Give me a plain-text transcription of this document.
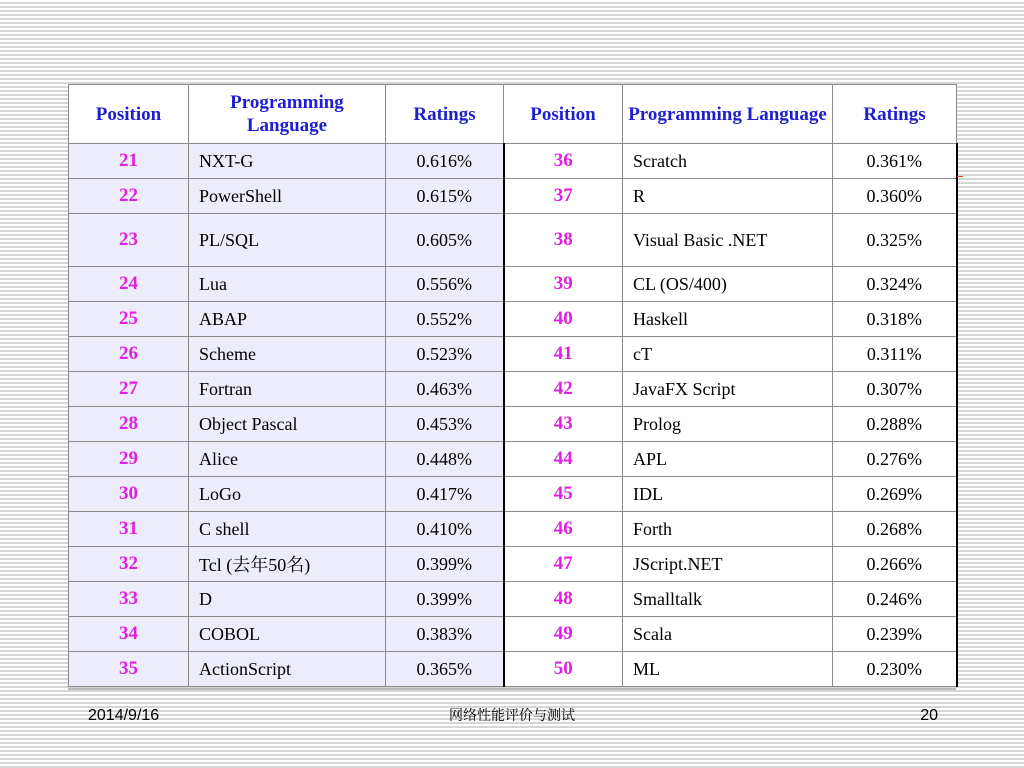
Position	Programming Language	Ratings	Position	Programming Language	Ratings
21	NXT-G	0.616%	36	Scratch	0.361%
22	PowerShell	0.615%	37	R	0.360%
23	PL/SQL	0.605%	38	Visual Basic .NET	0.325%
24	Lua	0.556%	39	CL (OS/400)	0.324%
25	ABAP	0.552%	40	Haskell	0.318%
26	Scheme	0.523%	41	cT	0.311%
27	Fortran	0.463%	42	JavaFX Script	0.307%
28	Object Pascal	0.453%	43	Prolog	0.288%
29	Alice	0.448%	44	APL	0.276%
30	LoGo	0.417%	45	IDL	0.269%
31	C shell	0.410%	46	Forth	0.268%
32	Tcl (去年50名)	0.399%	47	JScript.NET	0.266%
33	D	0.399%	48	Smalltalk	0.246%
34	COBOL	0.383%	49	Scala	0.239%
35	ActionScript	0.365%	50	ML	0.230%
2014/9/16	网络性能评价与测试	20
